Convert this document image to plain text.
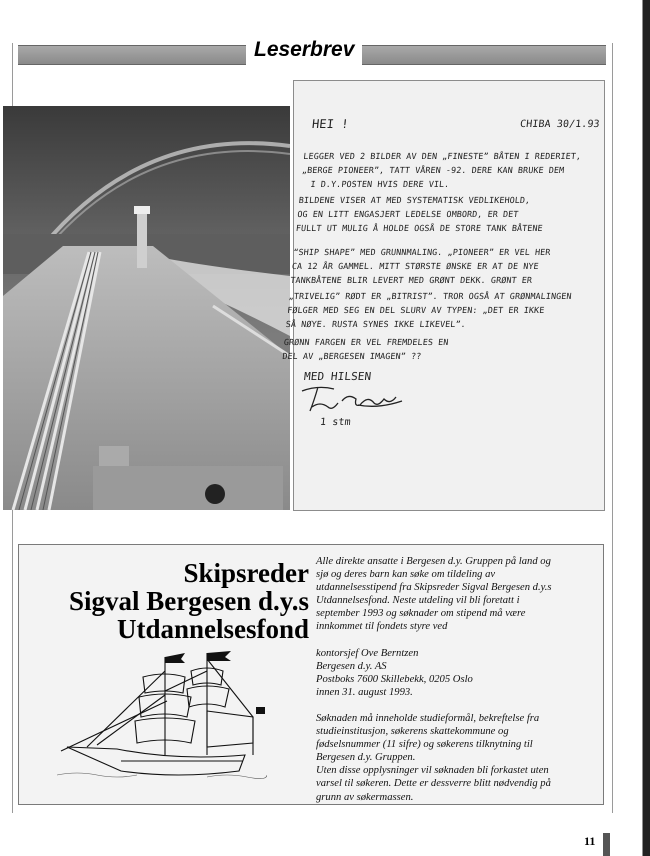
Leserbrev
HEI !	CHIBA 30/1.93
LEGGER VED 2 BILDER AV DEN „FINESTE” BÅTEN I REDERIET,
„BERGE PIONEER”, TATT VÅREN -92. DERE KAN BRUKE DEM
I D.Y.POSTEN HVIS DERE VIL.
BILDENE VISER AT MED SYSTEMATISK VEDLIKEHOLD,
OG EN LITT ENGASJERT LEDELSE OMBORD, ER DET
FULLT UT MULIG Å HOLDE OGSÅ DE STORE TANK BÅTENE
“SHIP SHAPE” MED GRUNNMALING. „PIONEER” ER VEL HER
CA 12 ÅR GAMMEL. MITT STØRSTE ØNSKE ER AT DE NYE
TANKBÅTENE BLIR LEVERT MED GRØNT DEKK. GRØNT ER
„TRIVELIG” RØDT ER „BITRIST”. TROR OGSÅ AT GRØNMALINGEN
FØLGER MED SEG EN DEL SLURV AV TYPEN: „DET ER IKKE
SÅ NØYE. RUSTA SYNES IKKE LIKEVEL”.
GRØNN FARGEN ER VEL FREMDELES EN
DEL AV „BERGESEN IMAGEN” ??
MED HILSEN
1 stm
Skipsreder
Sigval Bergesen d.y.s
Utdannelsesfond
Alle direkte ansatte i Bergesen d.y. Gruppen på land og
sjø og deres barn kan søke om tildeling av
utdannelsesstipend fra Skipsreder Sigval Bergesen d.y.s
Utdannelsesfond. Neste utdeling vil bli foretatt i
september 1993 og søknader om stipend må være
innkommet til fondets styre ved
kontorsjef Ove Berntzen
Bergesen d.y. AS
Postboks 7600 Skillebekk, 0205 Oslo
innen 31. august 1993.
Søknaden må inneholde studieformål, bekreftelse fra
studieinstitusjon, søkerens skattekommune og
fødselsnummer (11 sifre) og søkerens tilknytning til
Bergesen d.y. Gruppen.
Uten disse opplysninger vil søknaden bli forkastet uten
varsel til søkeren. Dette er dessverre blitt nødvendig på
grunn av søkermassen.
11
